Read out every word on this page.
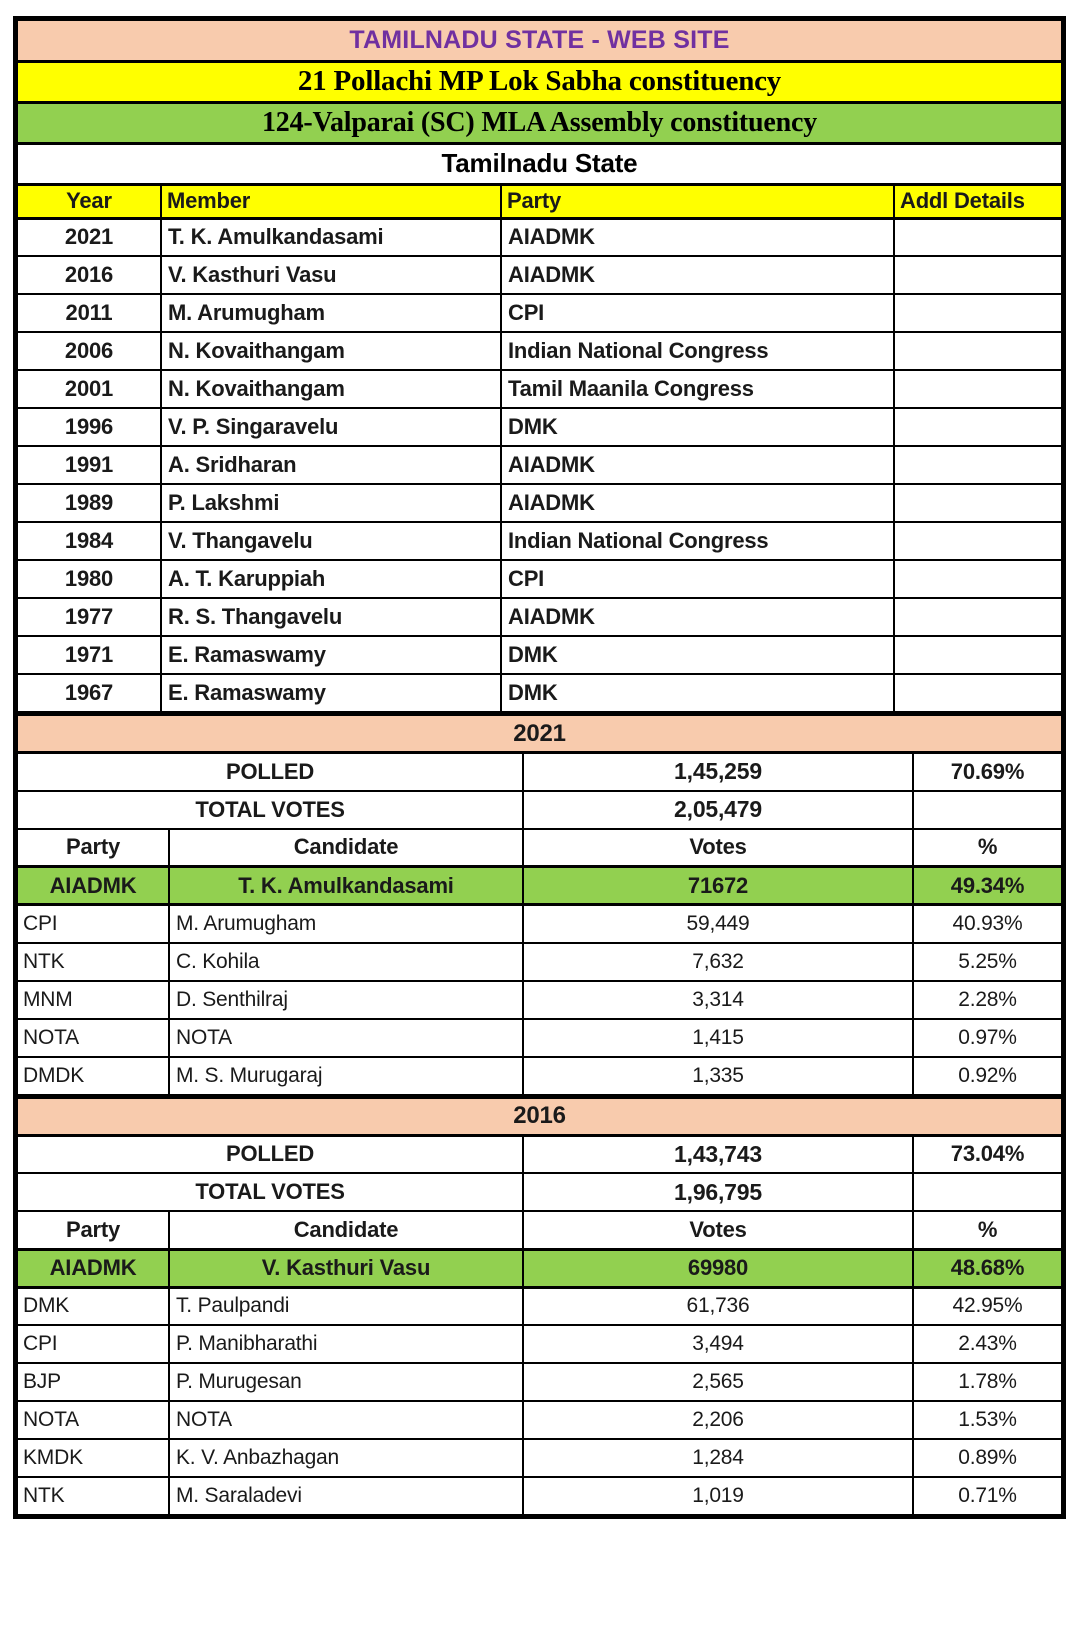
TAMILNADU STATE - WEB SITE			
21 Pollachi MP Lok Sabha constituency			
124-Valparai (SC) MLA Assembly constituency			
Tamilnadu State			
Year	Member	Party	Addl Details
2021	T. K. Amulkandasami	AIADMK	
2016	V. Kasthuri Vasu	AIADMK	
2011	M. Arumugham	CPI	
2006	N. Kovaithangam	Indian National Congress	
2001	N. Kovaithangam	Tamil Maanila Congress	
1996	V. P. Singaravelu	DMK	
1991	A. Sridharan	AIADMK	
1989	P. Lakshmi	AIADMK	
1984	V. Thangavelu	Indian National Congress	
1980	A. T. Karuppiah	CPI	
1977	R. S. Thangavelu	AIADMK	
1971	E. Ramaswamy	DMK	
1967	E. Ramaswamy	DMK	
2021			
POLLED		1,45,259	70.69%
TOTAL VOTES		2,05,479	
Party	Candidate	Votes	%
AIADMK	T. K. Amulkandasami	71672	49.34%
CPI	M. Arumugham	59,449	40.93%
NTK	C. Kohila	7,632	5.25%
MNM	D. Senthilraj	3,314	2.28%
NOTA	NOTA	1,415	0.97%
DMDK	M. S. Murugaraj	1,335	0.92%
2016			
POLLED		1,43,743	73.04%
TOTAL VOTES		1,96,795	
Party	Candidate	Votes	%
AIADMK	V. Kasthuri Vasu	69980	48.68%
DMK	T. Paulpandi	61,736	42.95%
CPI	P. Manibharathi	3,494	2.43%
BJP	P. Murugesan	2,565	1.78%
NOTA	NOTA	2,206	1.53%
KMDK	K. V. Anbazhagan	1,284	0.89%
NTK	M. Saraladevi	1,019	0.71%
